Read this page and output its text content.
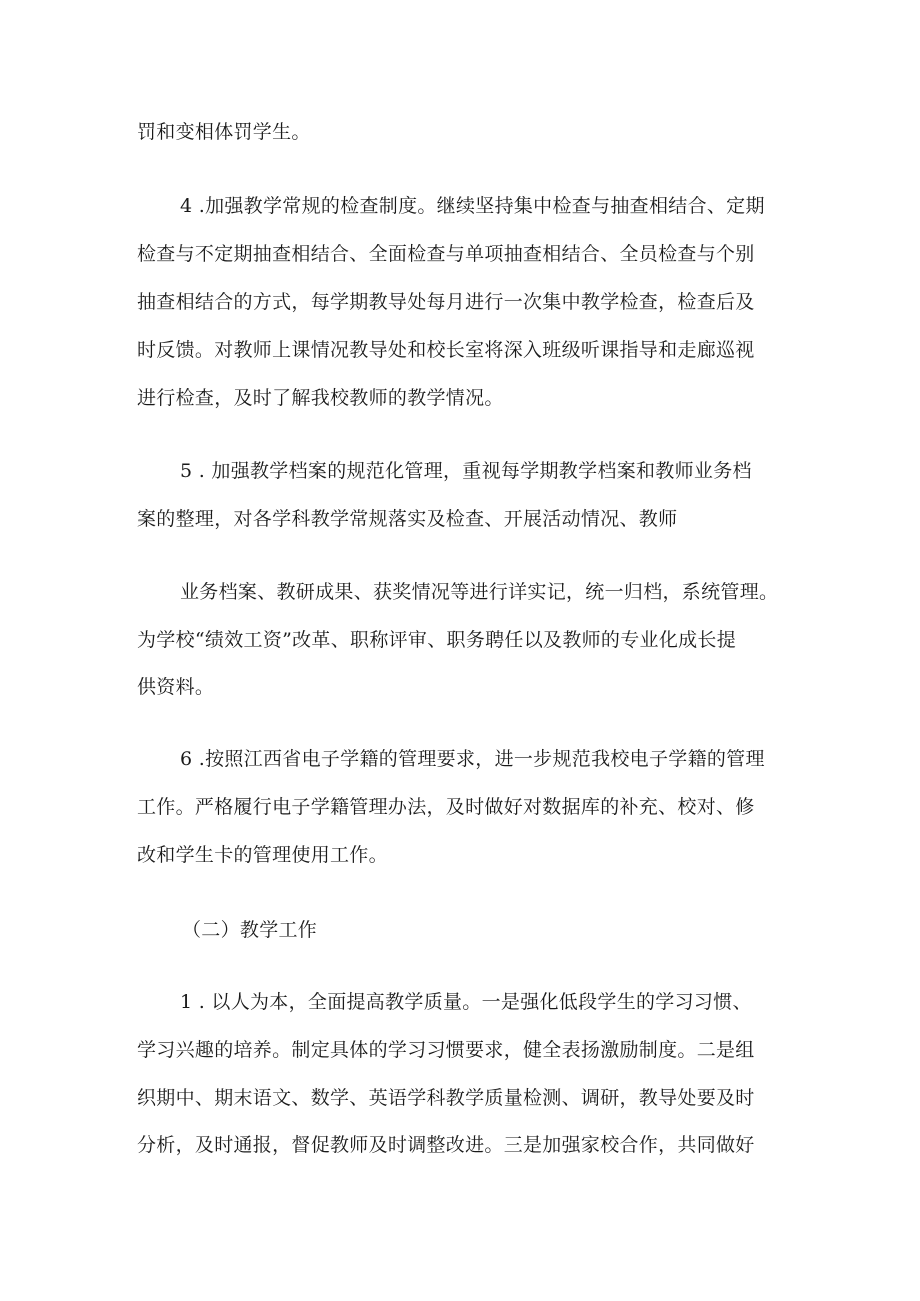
罚和变相体罚学生。
4 .加强教学常规的检查制度。继续坚持集中检查与抽查相结合、定期
检查与不定期抽查相结合、全面检查与单项抽查相结合、全员检查与个别
抽查相结合的方式，每学期教导处每月进行一次集中教学检查，检查后及
时反馈。对教师上课情况教导处和校长室将深入班级听课指导和走廊巡视
进行检查，及时了解我校教师的教学情况。
5 . 加强教学档案的规范化管理，重视每学期教学档案和教师业务档
案的整理，对各学科教学常规落实及检查、开展活动情况、教师
业务档案、教研成果、获奖情况等进行详实记，统一归档，系统管理。
为学校“绩效工资”改革、职称评审、职务聘任以及教师的专业化成长提
供资料。
6 .按照江西省电子学籍的管理要求，进一步规范我校电子学籍的管理
工作。严格履行电子学籍管理办法，及时做好对数据库的补充、校对、修
改和学生卡的管理使用工作。
（二）教学工作
1 . 以人为本，全面提高教学质量。一是强化低段学生的学习习惯、
学习兴趣的培养。制定具体的学习习惯要求，健全表扬激励制度。二是组
织期中、期末语文、数学、英语学科教学质量检测、调研，教导处要及时
分析，及时通报，督促教师及时调整改进。三是加强家校合作，共同做好
